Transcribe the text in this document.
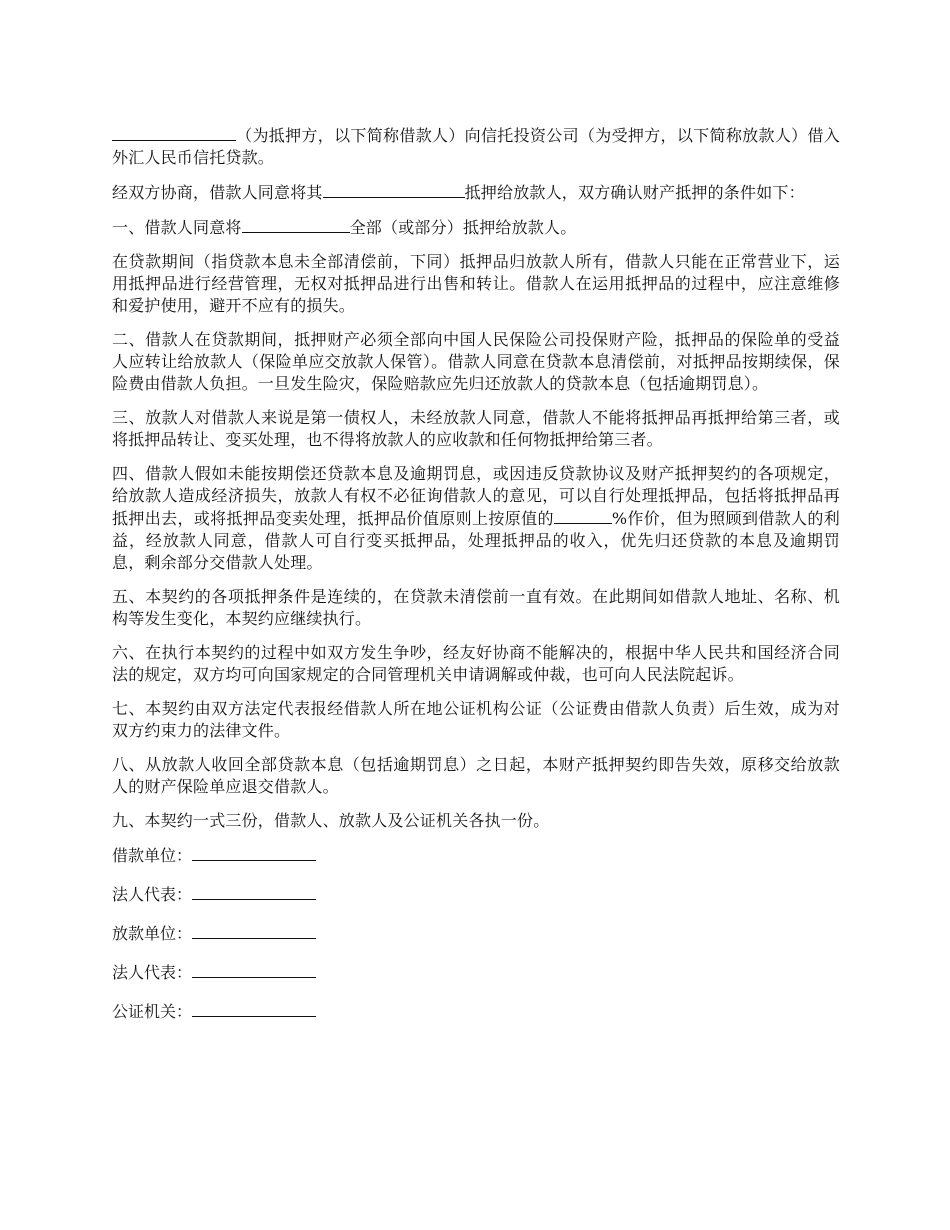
（为抵押方，以下简称借款人）向信托投资公司（为受押方，以下简称放款人）借入外汇人民币信托贷款。

经双方协商，借款人同意将其	抵押给放款人，双方确认财产抵押的条件如下：

一、借款人同意将	全部（或部分）抵押给放款人。

在贷款期间（指贷款本息未全部清偿前，下同）抵押品归放款人所有，借款人只能在正常营业下，运用抵押品进行经营管理，无权对抵押品进行出售和转让。借款人在运用抵押品的过程中，应注意维修和爱护使用，避开不应有的损失。

二、借款人在贷款期间，抵押财产必须全部向中国人民保险公司投保财产险，抵押品的保险单的受益人应转让给放款人（保险单应交放款人保管）。借款人同意在贷款本息清偿前，对抵押品按期续保，保险费由借款人负担。一旦发生险灾，保险赔款应先归还放款人的贷款本息（包括逾期罚息）。

三、放款人对借款人来说是第一债权人，未经放款人同意，借款人不能将抵押品再抵押给第三者，或将抵押品转让、变买处理，也不得将放款人的应收款和任何物抵押给第三者。

四、借款人假如未能按期偿还贷款本息及逾期罚息，或因违反贷款协议及财产抵押契约的各项规定，给放款人造成经济损失，放款人有权不必征询借款人的意见，可以自行处理抵押品，包括将抵押品再抵押出去，或将抵押品变卖处理，抵押品价值原则上按原值的	%作价，但为照顾到借款人的利益，经放款人同意，借款人可自行变买抵押品，处理抵押品的收入，优先归还贷款的本息及逾期罚息，剩余部分交借款人处理。

五、本契约的各项抵押条件是连续的，在贷款未清偿前一直有效。在此期间如借款人地址、名称、机构等发生变化，本契约应继续执行。

六、在执行本契约的过程中如双方发生争吵，经友好协商不能解决的，根据中华人民共和国经济合同法的规定，双方均可向国家规定的合同管理机关申请调解或仲裁，也可向人民法院起诉。

七、本契约由双方法定代表报经借款人所在地公证机构公证（公证费由借款人负责）后生效，成为对双方约束力的法律文件。

八、从放款人收回全部贷款本息（包括逾期罚息）之日起，本财产抵押契约即告失效，原移交给放款人的财产保险单应退交借款人。

九、本契约一式三份，借款人、放款人及公证机关各执一份。

借款单位：
法人代表：
放款单位：
法人代表：
公证机关：
